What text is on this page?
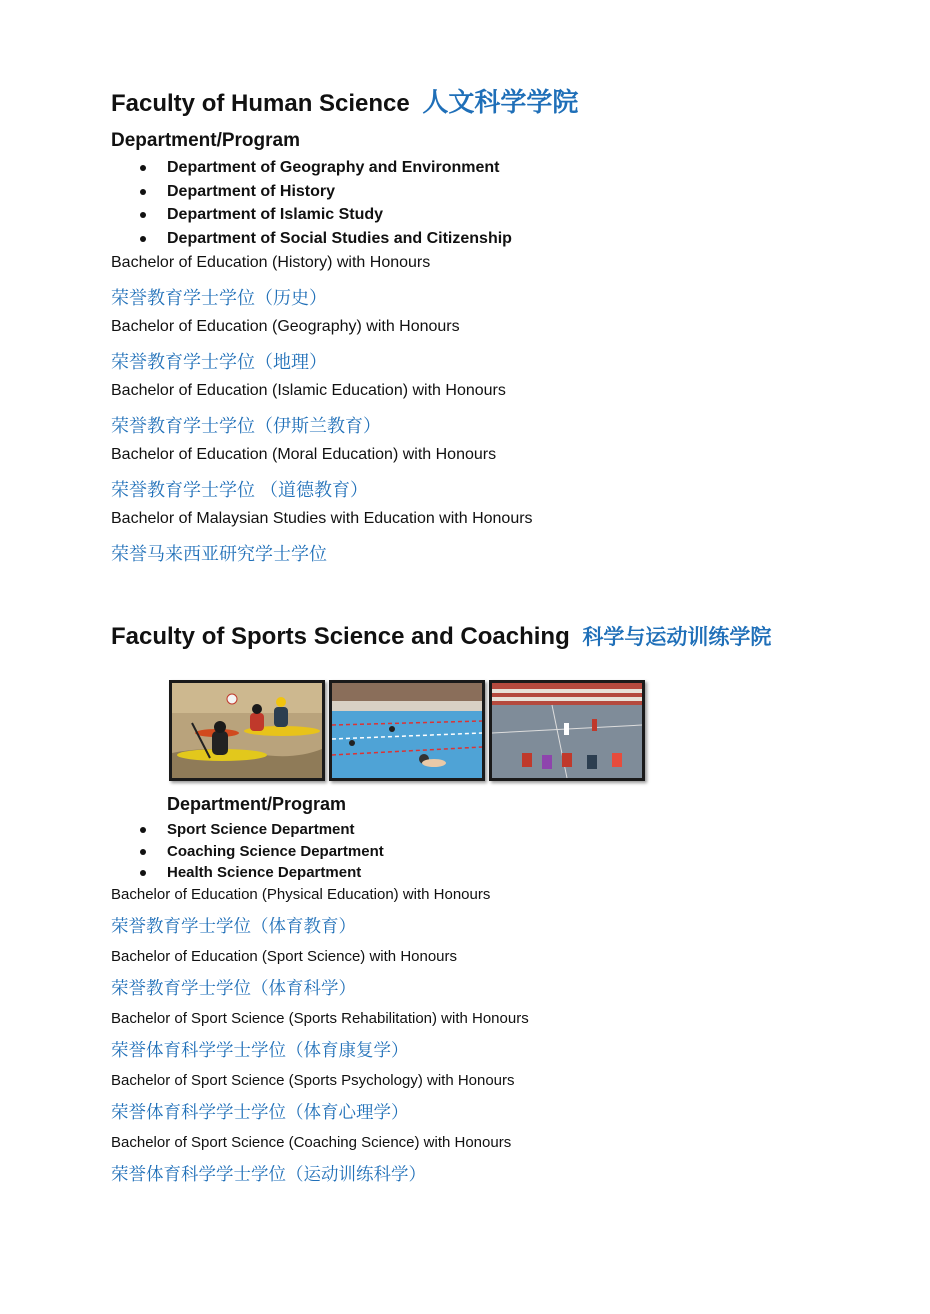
Faculty of Human Science 人文科学学院
Department/Program
Department of Geography and Environment
Department of History
Department of Islamic Study
Department of Social Studies and Citizenship
Bachelor of Education (History) with Honours
荣誉教育学士学位（历史）
Bachelor of Education (Geography) with Honours
荣誉教育学士学位（地理）
Bachelor of Education (Islamic Education) with Honours
荣誉教育学士学位（伊斯兰教育）
Bachelor of Education (Moral Education) with Honours
荣誉教育学士学位 （道德教育）
Bachelor of Malaysian Studies with Education with Honours
荣誉马来西亚研究学士学位
Faculty of Sports Science and Coaching 科学与运动训练学院
Department/Program
Sport Science Department
Coaching Science Department
Health Science Department
Bachelor of Education (Physical Education) with Honours
荣誉教育学士学位（体育教育）
Bachelor of Education (Sport Science) with Honours
荣誉教育学士学位（体育科学）
Bachelor of Sport Science (Sports Rehabilitation) with Honours
荣誉体育科学学士学位（体育康复学）
Bachelor of Sport Science (Sports Psychology) with Honours
荣誉体育科学学士学位（体育心理学）
Bachelor of Sport Science (Coaching Science) with Honours
荣誉体育科学学士学位（运动训练科学）
